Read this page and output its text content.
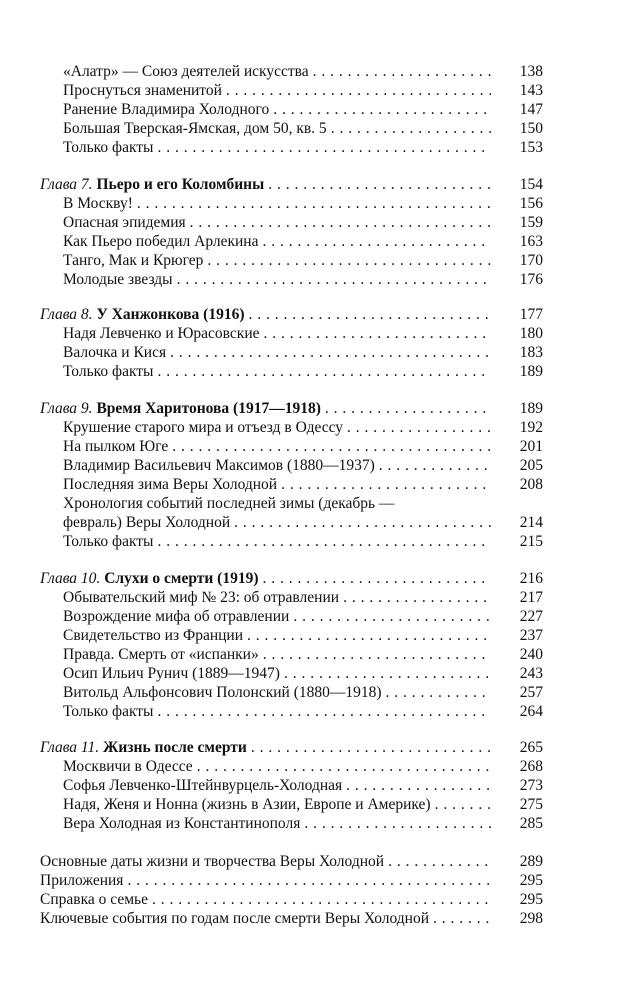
«Алатр» — Союз деятелей искусства . . .	138
Проснуться знаменитой . . .	143
Ранение Владимира Холодного . . .	147
Большая Тверская-Ямская, дом 50, кв. 5 . . .	150
Только факты . . .	153
Глава 7. Пьеро и его Коломбины . . .	154
В Москву! . . .	156
Опасная эпидемия . . .	159
Как Пьеро победил Арлекина . . .	163
Танго, Мак и Крюгер . . .	170
Молодые звезды . . .	176
Глава 8. У Ханжонкова (1916) . . .	177
Надя Левченко и Юрасовские . . .	180
Валочка и Кися . . .	183
Только факты . . .	189
Глава 9. Время Харитонова (1917—1918) . . .	189
Крушение старого мира и отъезд в Одессу . . .	192
На пылком Юге . . .	201
Владимир Васильевич Максимов (1880—1937) . . .	205
Последняя зима Веры Холодной . . .	208
Хронология событий последней зимы (декабрь —
февраль) Веры Холодной . . .	214
Только факты . . .	215
Глава 10. Слухи о смерти (1919) . . .	216
Обывательский миф № 23: об отравлении . . .	217
Возрождение мифа об отравлении . . .	227
Свидетельство из Франции . . .	237
Правда. Смерть от «испанки» . . .	240
Осип Ильич Рунич (1889—1947) . . .	243
Витольд Альфонсович Полонский (1880—1918) . . .	257
Только факты . . .	264
Глава 11. Жизнь после смерти . . .	265
Москвичи в Одессе . . .	268
Софья Левченко-Штейнвурцель-Холодная . . .	273
Надя, Женя и Нонна (жизнь в Азии, Европе и Америке) . . .	275
Вера Холодная из Константинополя . . .	285
Основные даты жизни и творчества Веры Холодной . . .	289
Приложения . . .	295
Справка о семье . . .	295
Ключевые события по годам после смерти Веры Холодной . . .	298
